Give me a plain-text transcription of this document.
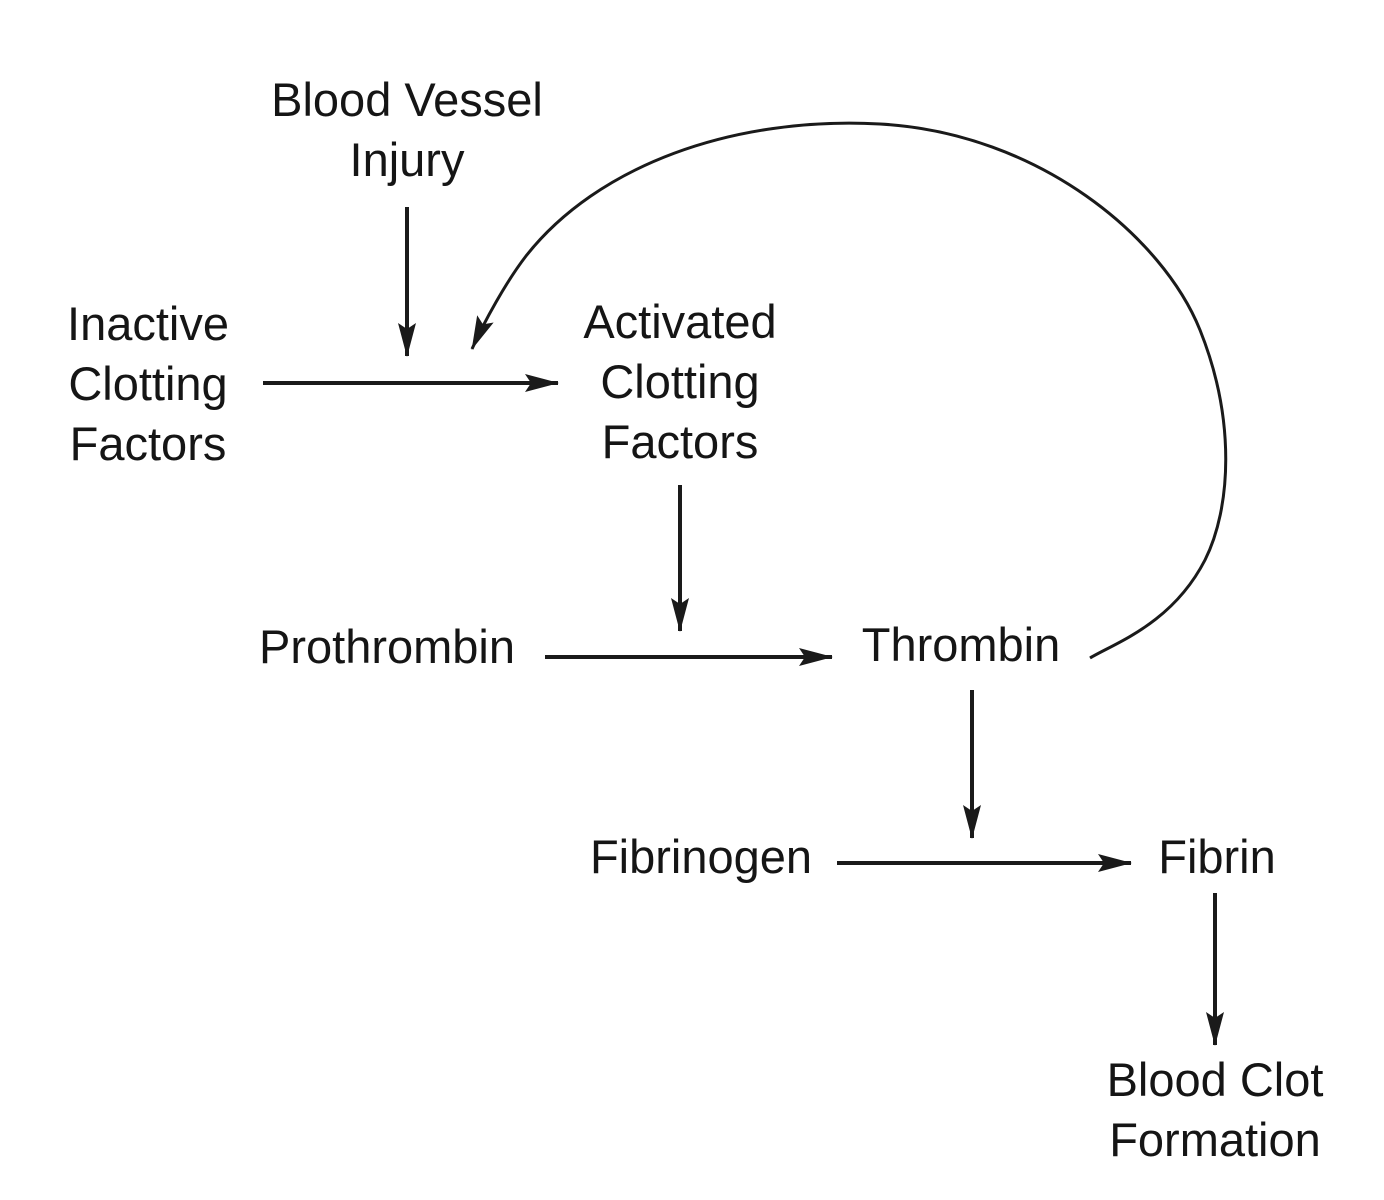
Blood Vessel
Injury
Inactive
Clotting
Factors
Activated
Clotting
Factors
Prothrombin	Thrombin
Fibrinogen	Fibrin
Blood Clot
Formation
